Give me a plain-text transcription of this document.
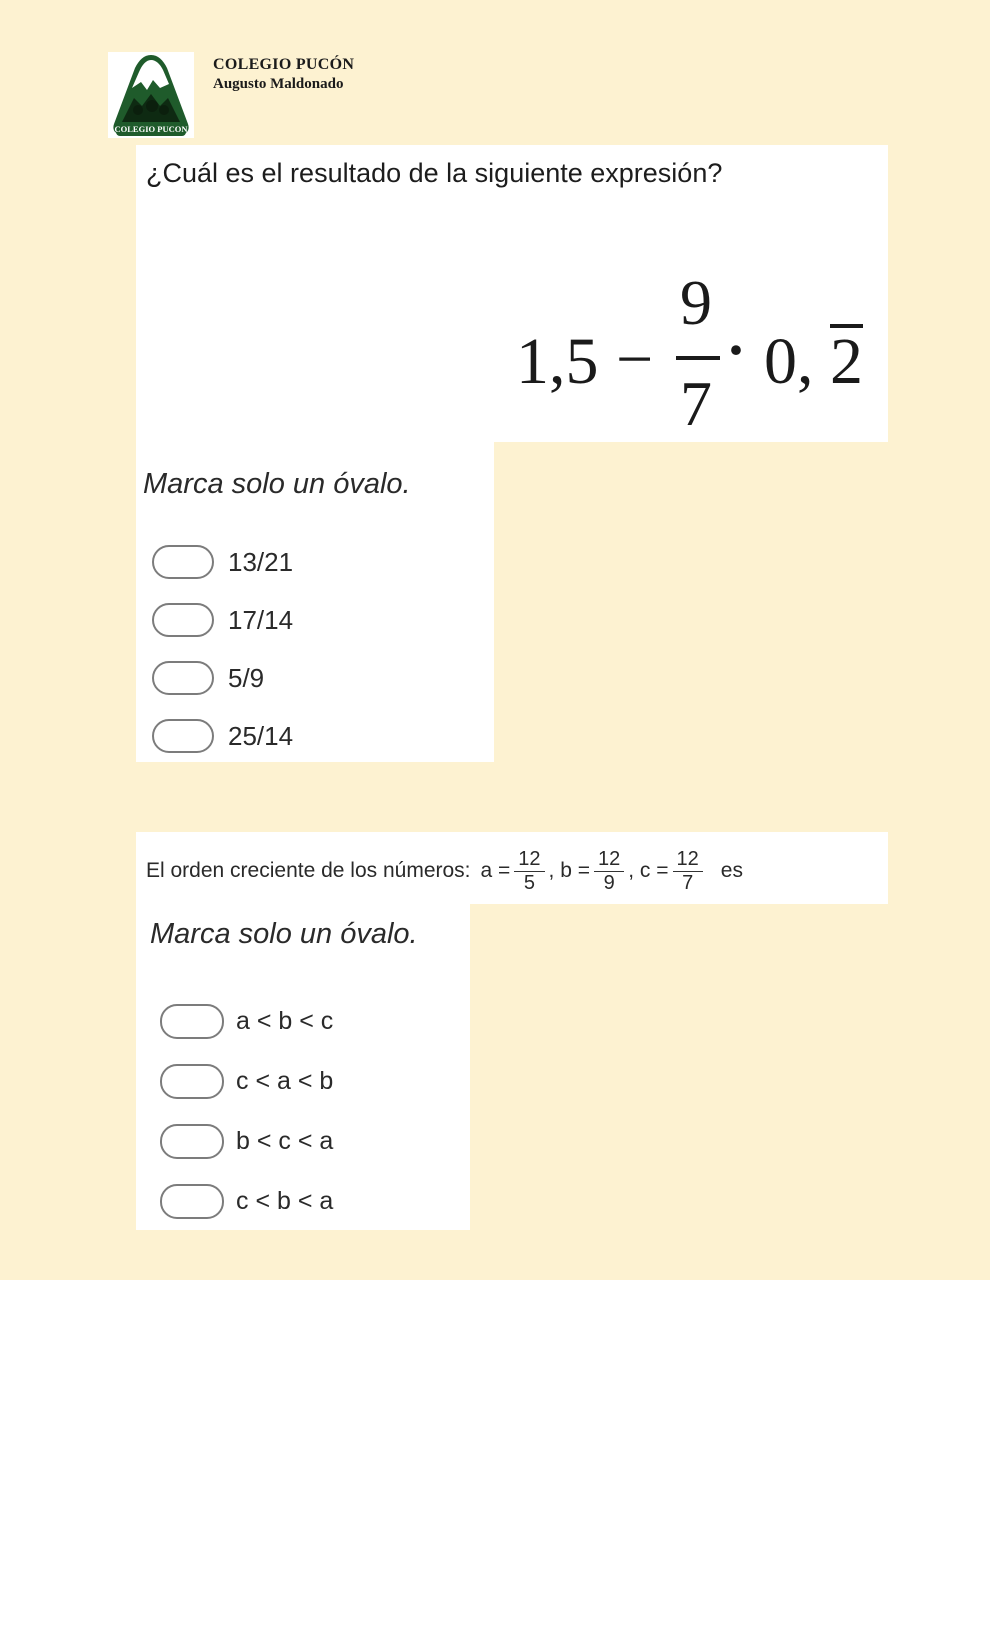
COLEGIO PUCON
COLEGIO PUCÓN
Augusto Maldonado
¿Cuál es el resultado de la siguiente expresión?
1,5 −
9
7
· 0, 2
Marca solo un óvalo.
13/21
17/14
5/9
25/14
El orden creciente de los números: $a = \frac{12}{5}$ , $b = \frac{12}{9}$ , $c = \frac{12}{7}$ es
Marca solo un óvalo.
a < b < c
c < a < b
b < c < a
c < b < a
